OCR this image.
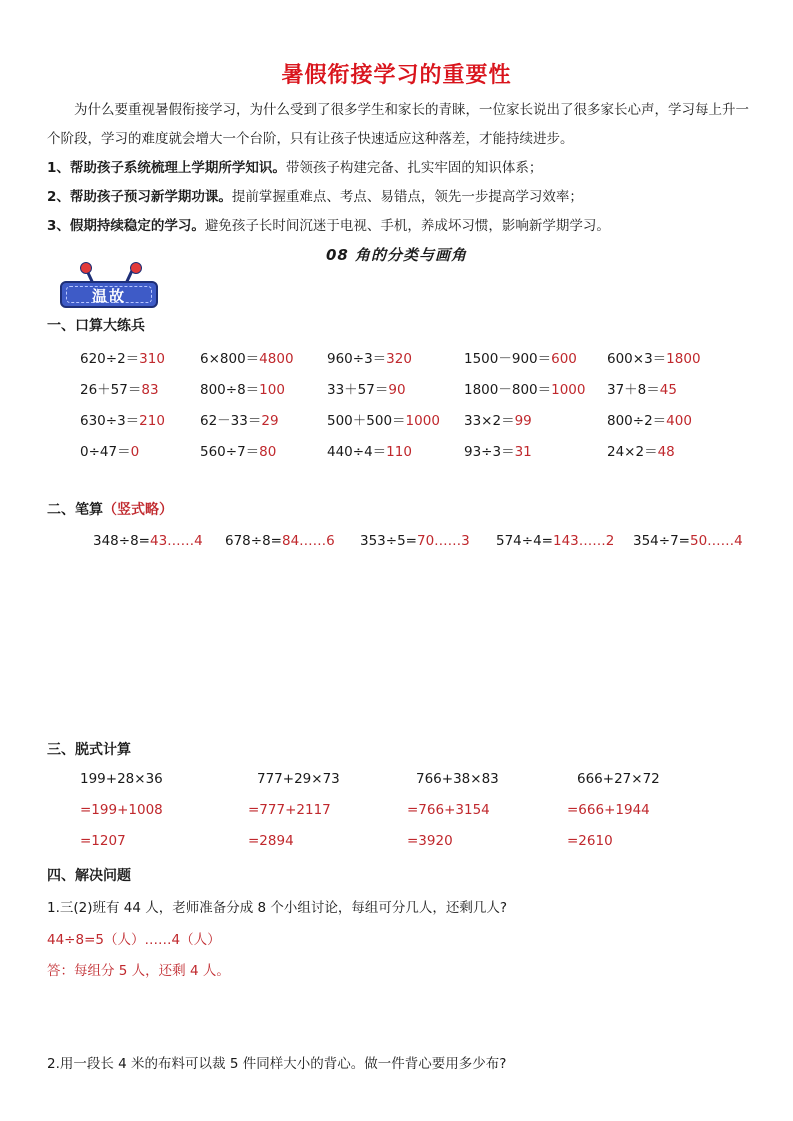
暑假衔接学习的重要性

为什么要重视暑假衔接学习，为什么受到了很多学生和家长的青睐，一位家长说出了很多家长心声，学习每上升一个阶段，学习的难度就会增大一个台阶，只有让孩子快速适应这种落差，才能持续进步。

1、帮助孩子系统梳理上学期所学知识。带领孩子构建完备、扎实牢固的知识体系；

2、帮助孩子预习新学期功课。提前掌握重难点、考点、易错点，领先一步提高学习效率；

3、假期持续稳定的学习。避免孩子长时间沉迷于电视、手机，养成坏习惯，影响新学期学习。

08 角的分类与画角
温故
一、口算大练兵
620÷2＝310	6×800＝4800 960÷3＝320	1500－900＝600 600×3＝1800
26＋57＝83	800÷8＝100	33＋57＝90	1800－800＝1000 37＋8＝45
630÷3＝210	62－33＝29	500＋500＝1000 33×2＝99	800÷2＝400
0÷47＝0	560÷7＝80	440÷4＝110	93÷3＝31	24×2＝48
二、笔算（竖式略）
348÷8=43……4 678÷8=84……6 353÷5=70……3 574÷4=143……2 354÷7=50……4
三、脱式计算
199+28×36
=199+1008
=1207
777+29×73
=777+2117
=2894
766+38×83
=766+3154
=3920
666+27×72
=666+1944
=2610
四、解决问题
1.三(2)班有 44 人，老师准备分成 8 个小组讨论，每组可分几人，还剩几人?
44÷8=5（人）……4（人）
答：每组分 5 人，还剩 4 人。
2.用一段长 4 米的布料可以裁 5 件同样大小的背心。做一件背心要用多少布?
